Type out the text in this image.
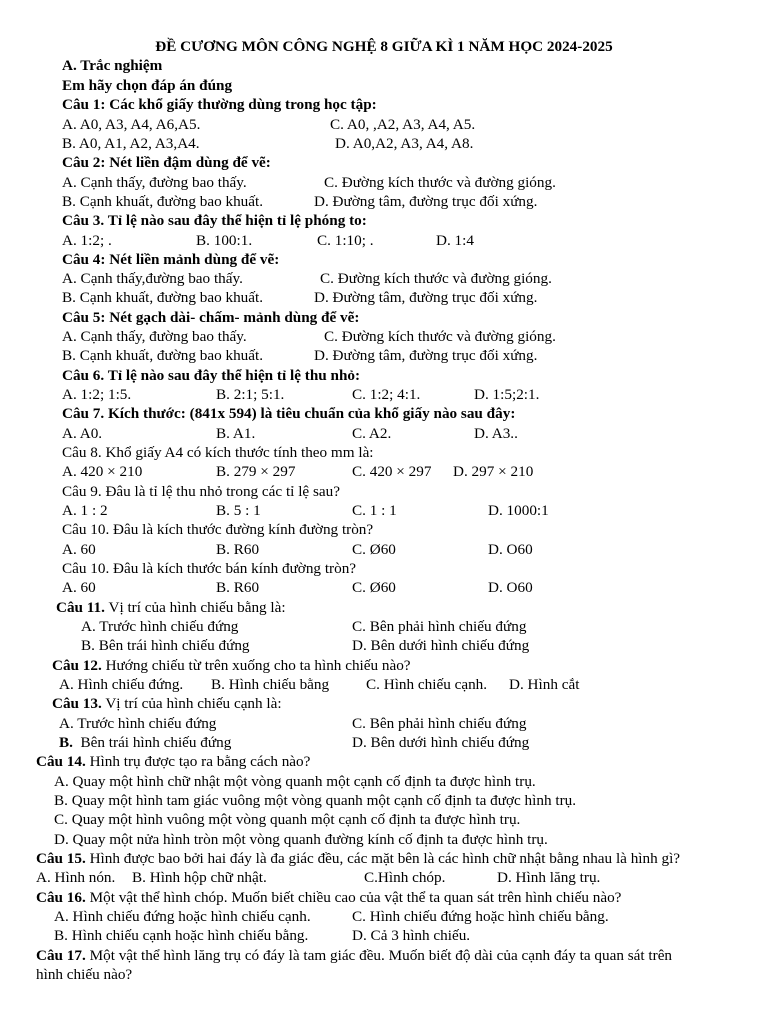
ĐỀ CƯƠNG MÔN CÔNG NGHỆ 8 GIỮA KÌ 1 NĂM HỌC 2024-2025
A. Trắc nghiệm
Em hãy chọn đáp án đúng
Câu 1: Các khổ giấy thường dùng trong học tập:
A. A0, A3, A4, A6,A5.	C. A0, ,A2, A3, A4, A5.
B. A0, A1, A2, A3,A4.	D. A0,A2, A3, A4, A8.
Câu 2: Nét liền đậm dùng để vẽ:
A. Cạnh thấy, đường bao thấy.	C. Đường kích thước và đường gióng.
B. Cạnh khuất, đường bao khuất.	D. Đường tâm, đường trục đối xứng.
Câu 3. Tỉ lệ nào sau đây thể hiện tỉ lệ phóng to:
A. 1:2; .	B. 100:1.	C. 1:10; .	D. 1:4
Câu 4: Nét liền mảnh dùng để vẽ:
A. Cạnh thấy,đường bao thấy.	C. Đường kích thước và đường gióng.
B. Cạnh khuất, đường bao khuất.	D. Đường tâm, đường trục đối xứng.
Câu 5: Nét gạch dài- chấm- mảnh dùng để vẽ:
A. Cạnh thấy, đường bao thấy.	C. Đường kích thước và đường gióng.
B. Cạnh khuất, đường bao khuất.	D. Đường tâm, đường trục đối xứng.
Câu 6. Tỉ lệ nào sau đây thể hiện tỉ lệ thu nhỏ:
A. 1:2; 1:5.	B. 2:1; 5:1.	C. 1:2; 4:1.	D. 1:5;2:1.
Câu 7. Kích thước: (841x 594) là tiêu chuẩn của khổ giấy nào sau đây:
A. A0.	B. A1.	C. A2.	D. A3..
Câu 8. Khổ giấy A4 có kích thước tính theo mm là:
A. 420 × 210	B. 279 × 297	C. 420 × 297 D. 297 × 210
Câu 9. Đâu là tỉ lệ thu nhỏ trong các tỉ lệ sau?
A. 1 : 2	B. 5 : 1	C. 1 : 1	D. 1000:1
Câu 10. Đâu là kích thước đường kính đường tròn?
A. 60	B. R60	C. Ø60	D. O60
Câu 10. Đâu là kích thước bán kính đường tròn?
A. 60	B. R60	C. Ø60	D. O60
Câu 11. Vị trí của hình chiếu bằng là:
A. Trước hình chiếu đứng	C. Bên phải hình chiếu đứng
B. Bên trái hình chiếu đứng	D. Bên dưới hình chiếu đứng
Câu 12. Hướng chiếu từ trên xuống cho ta hình chiếu nào?
A. Hình chiếu đứng. B. Hình chiếu bằng C. Hình chiếu cạnh. D. Hình cắt
Câu 13. Vị trí của hình chiếu cạnh là:
A. Trước hình chiếu đứng	C. Bên phải hình chiếu đứng
B.  Bên trái hình chiếu đứng	D. Bên dưới hình chiếu đứng
Câu 14. Hình trụ được tạo ra bằng cách nào?
A. Quay một hình chữ nhật một vòng quanh một cạnh cố định ta được hình trụ.
B. Quay một hình tam giác vuông một vòng quanh một cạnh cố định ta được hình trụ.
C. Quay một hình vuông một vòng quanh một cạnh cố định ta được hình trụ.
D. Quay một nửa hình tròn một vòng quanh đường kính cố định ta được hình trụ.
Câu 15. Hình được bao bởi hai đáy là đa giác đều, các mặt bên là các hình chữ nhật bằng nhau là hình gì?
A. Hình nón. B. Hình hộp chữ nhật.	C.Hình chóp.	D. Hình lăng trụ.
Câu 16. Một vật thể hình chóp. Muốn biết chiều cao của vật thể ta quan sát trên hình chiếu nào?
A. Hình chiếu đứng hoặc hình chiếu cạnh.	C. Hình chiếu đứng hoặc hình chiếu bằng.
B. Hình chiếu cạnh hoặc hình chiếu bằng.	D. Cả 3 hình chiếu.
Câu 17. Một vật thể hình lăng trụ có đáy là tam giác đều. Muốn biết độ dài của cạnh đáy ta quan sát trên
hình chiếu nào?
